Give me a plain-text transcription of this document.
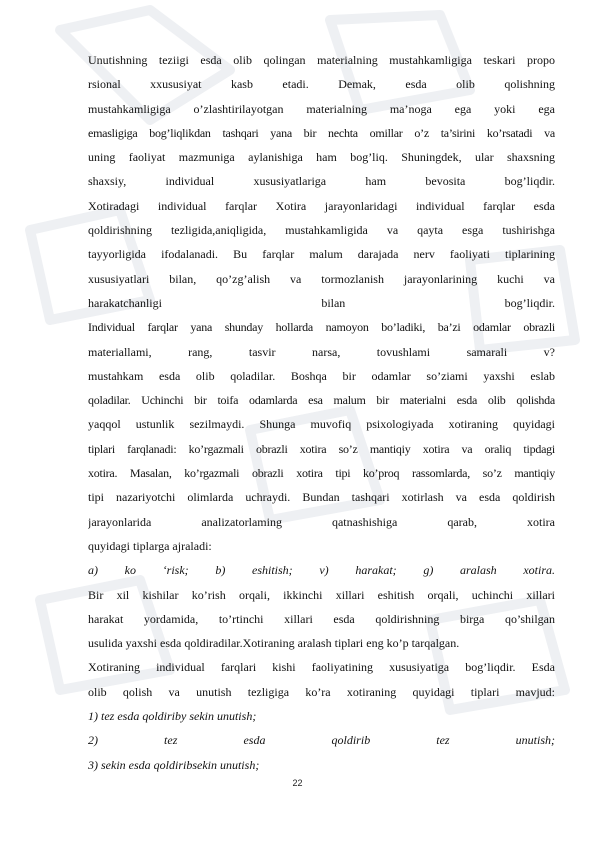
Unutishning teziigi esda olib qolingan materialning mustahkamligiga teskari propo
rsional xxususiyat kasb etadi. Demak, esda olib qolishning
mustahkamligiga o’zlashtirilayotgan materialning ma’noga ega yoki ega
emasligiga bog’liqlikdan tashqari yana bir nechta omillar o’z ta’sirini ko’rsatadi va
uning faoliyat mazmuniga aylanishiga ham bog’liq. Shuningdek, ular shaxsning
shaxsiy, individual xususiyatlariga ham bevosita bog’liqdir.
Xotiradagi individual farqlar Xotira jarayonlaridagi individual farqlar esda
qoldirishning tezligida,aniqligida, mustahkamligida va qayta esga tushirishga
tayyorligida ifodalanadi. Bu farqlar malum darajada nerv faoliyati tiplarining
xususiyatlari bilan, qo’zg’alish va tormozlanish jarayonlarining kuchi va
harakatchanligi bilan bog’liqdir.
Individual farqlar yana shunday hollarda namoyon bo’ladiki, ba’zi odamlar obrazli
materiallami, rang, tasvir narsa, tovushlami samarali v?
mustahkam esda olib qoladilar. Boshqa bir odamlar so’ziami yaxshi eslab
qoladilar. Uchinchi bir toifa odamlarda esa malum bir materialni esda olib qolishda
yaqqol ustunlik sezilmaydi. Shunga muvofiq psixologiyada xotiraning quyidagi
tiplari farqlanadi: ko’rgazmali obrazli xotira so’z mantiqiy xotira va oraliq tipdagi
xotira. Masalan, ko’rgazmali obrazli xotira tipi ko’proq rassomlarda, so’z mantiqiy
tipi nazariyotchi olimlarda uchraydi. Bundan tashqari xotirlash va esda qoldirish
jarayonlarida analizatorlaming qatnashishiga qarab, xotira
quyidagi tiplarga ajraladi:
a) ko ‘risk; b) eshitish; v) harakat; g) aralash xotira.
Bir xil kishilar ko’rish orqali, ikkinchi xillari eshitish orqali, uchinchi xillari
harakat yordamida, to’rtinchi xillari esda qoldirishning birga qo’shilgan
usulida yaxshi esda qoldiradilar.Xotiraning aralash tiplari eng ko’p tarqalgan.
Xotiraning individual farqlari kishi faoliyatining xususiyatiga bog’liqdir. Esda
olib qolish va unutish tezligiga ko’ra xotiraning quyidagi tiplari mavjud:
1) tez esda qoldiriby sekin unutish;
2) tez esda qoldirib tez unutish;
3) sekin esda qoldiribsekin unutish;
22
